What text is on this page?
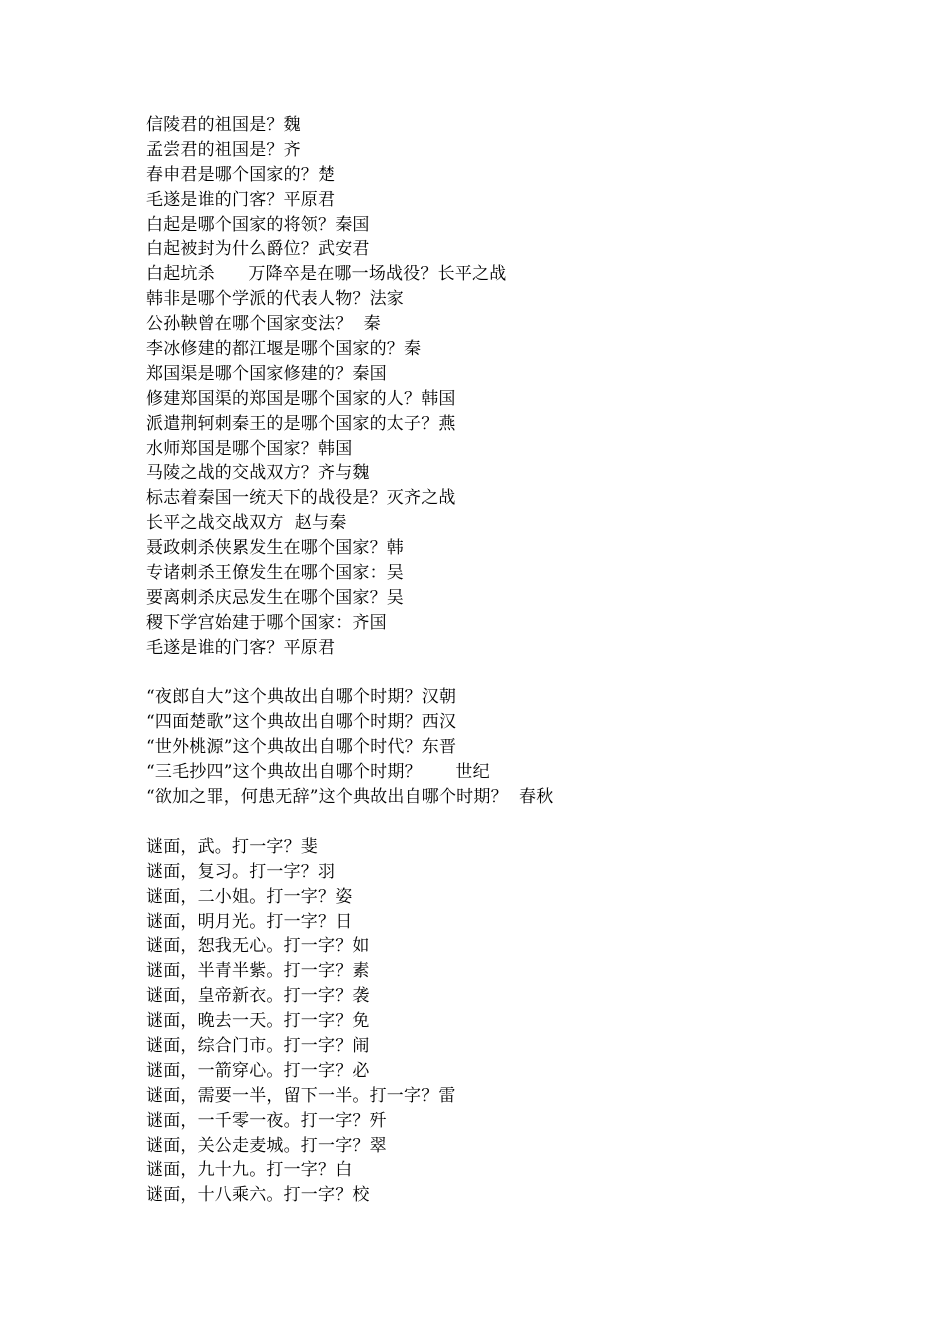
信陵君的祖国是？魏
孟尝君的祖国是？齐
春申君是哪个国家的？楚
毛遂是谁的门客？平原君
白起是哪个国家的将领？秦国
白起被封为什么爵位？武安君
白起坑杀      万降卒是在哪一场战役？长平之战
韩非是哪个学派的代表人物？法家
公孙鞅曾在哪个国家变法？  秦
李冰修建的都江堰是哪个国家的？秦
郑国渠是哪个国家修建的？秦国
修建郑国渠的郑国是哪个国家的人？韩国
派遣荆轲刺秦王的是哪个国家的太子？燕
水师郑国是哪个国家？韩国
马陵之战的交战双方？齐与魏
标志着秦国一统天下的战役是？灭齐之战
长平之战交战双方  赵与秦
聂政刺杀侠累发生在哪个国家？韩
专诸刺杀王僚发生在哪个国家：吴
要离刺杀庆忌发生在哪个国家？吴
稷下学宫始建于哪个国家：齐国
毛遂是谁的门客？平原君
“夜郎自大”这个典故出自哪个时期？汉朝
“四面楚歌”这个典故出自哪个时期？西汉
“世外桃源”这个典故出自哪个时代？东晋
“三毛抄四”这个典故出自哪个时期？      世纪
“欲加之罪，何患无辞”这个典故出自哪个时期？  春秋
谜面，武。打一字？斐
谜面，复习。打一字？羽
谜面，二小姐。打一字？姿
谜面，明月光。打一字？日
谜面，恕我无心。打一字？如
谜面，半青半紫。打一字？素
谜面，皇帝新衣。打一字？袭
谜面，晚去一天。打一字？免
谜面，综合门市。打一字？闹
谜面，一箭穿心。打一字？必
谜面，需要一半，留下一半。打一字？雷
谜面，一千零一夜。打一字？歼
谜面，关公走麦城。打一字？翠
谜面，九十九。打一字？白
谜面，十八乘六。打一字？校
